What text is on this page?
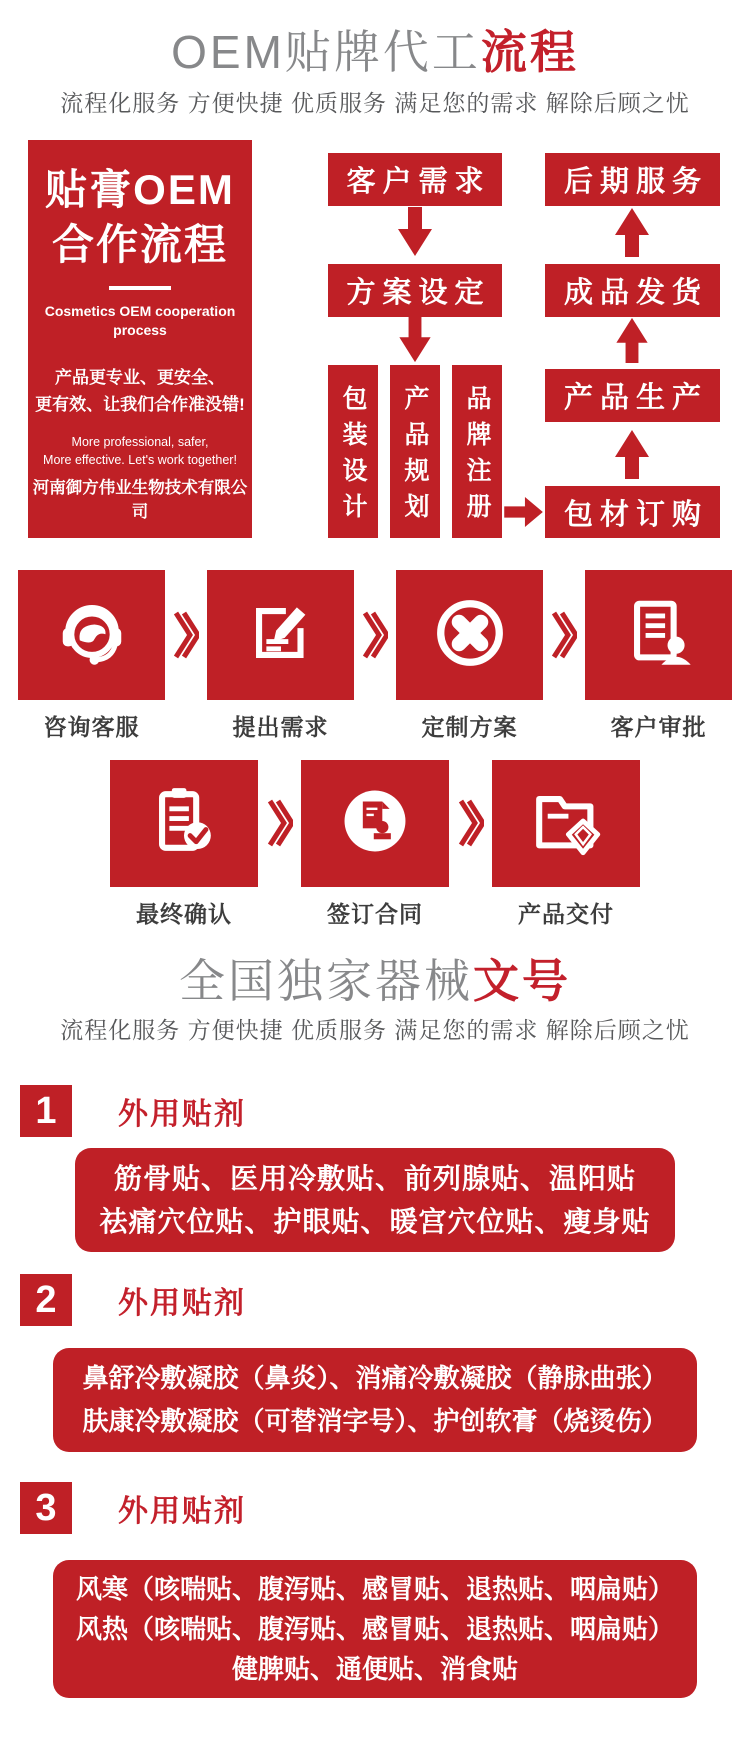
OEM贴牌代工流程

流程化服务 方便快捷 优质服务 满足您的需求 解除后顾之忧

贴膏OEM
合作流程
Cosmetics OEM cooperation
process
产品更专业、更安全、
更有效、让我们合作准没错!
More professional, safer,
More effective. Let's work together!
河南御方伟业生物技术有限公司
客户需求
方案设定
包装设计	产品规划	品牌注册
后期服务
成品发货
产品生产
包材订购
咨询客服	提出需求	定制方案	客户审批
最终确认	签订合同	产品交付
全国独家器械文号

流程化服务 方便快捷 优质服务 满足您的需求 解除后顾之忧

1	外用贴剂
筋骨贴、医用冷敷贴、前列腺贴、温阳贴
祛痛穴位贴、护眼贴、暖宫穴位贴、瘦身贴
2	外用贴剂
鼻舒冷敷凝胶（鼻炎）、消痛冷敷凝胶（静脉曲张）
肤康冷敷凝胶（可替消字号）、护创软膏（烧烫伤）
3	外用贴剂
风寒（咳喘贴、腹泻贴、感冒贴、退热贴、咽扁贴）
风热（咳喘贴、腹泻贴、感冒贴、退热贴、咽扁贴）
健脾贴、通便贴、消食贴
